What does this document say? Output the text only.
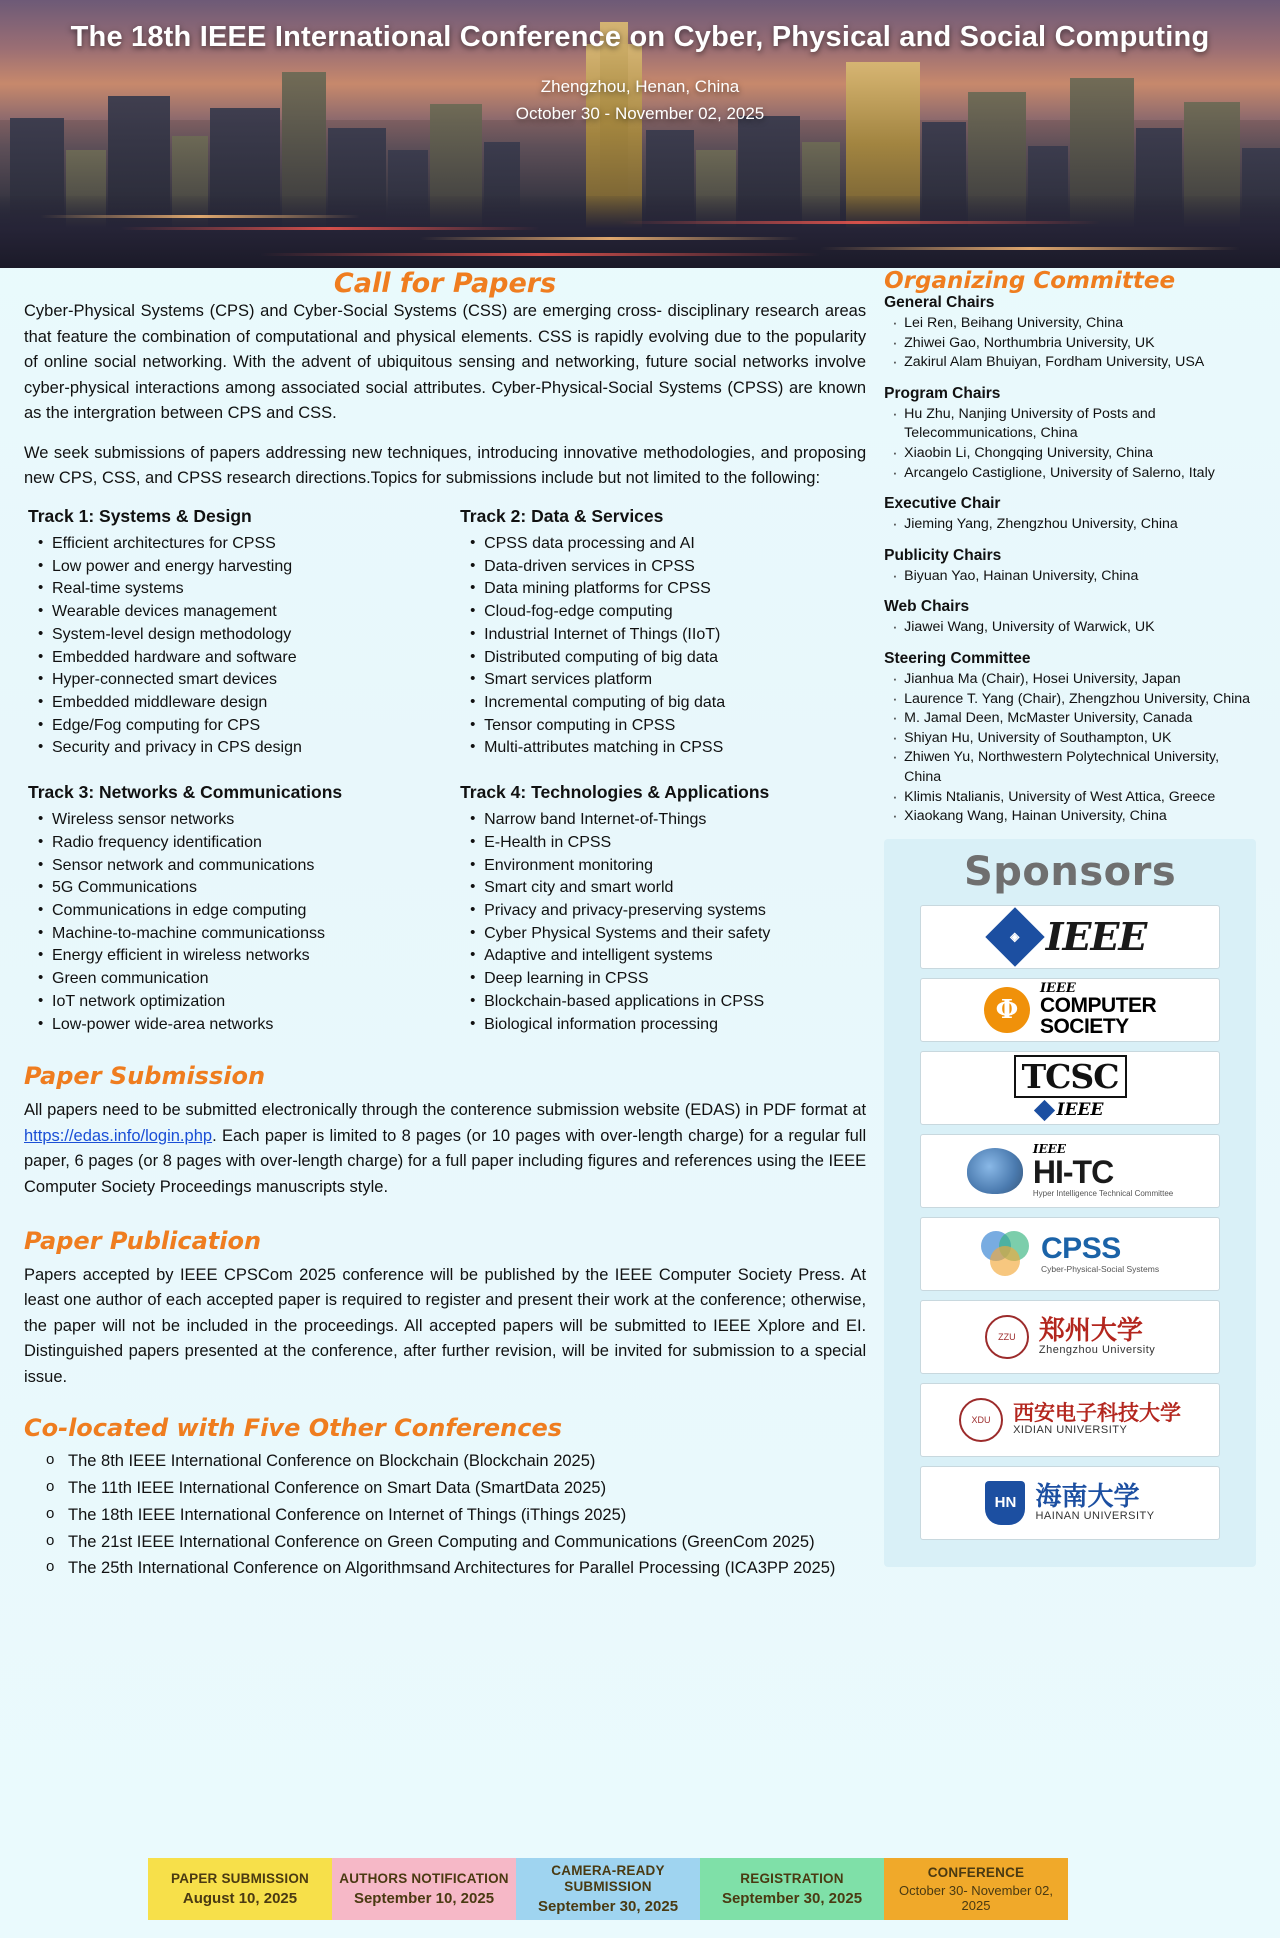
The 18th IEEE International Conference on Cyber, Physical and Social Computing
Zhengzhou, Henan, China
October 30 - November 02, 2025
Call for Papers

Cyber-Physical Systems (CPS) and Cyber-Social Systems (CSS) are emerging cross- disciplinary research areas that feature the combination of computational and physical elements. CSS is rapidly evolving due to the popularity of online social networking. With the advent of ubiquitous sensing and networking, future social networks involve cyber-physical interactions among associated social attributes. Cyber-Physical-Social Systems (CPSS) are known as the intergration between CPS and CSS.

We seek submissions of papers addressing new techniques, introducing innovative methodologies, and proposing new CPS, CSS, and CPSS research directions.Topics for submissions include but not limited to the following:

Track 1: Systems & Design
• Efficient architectures for CPSS
• Low power and energy harvesting
• Real-time systems
• Wearable devices management
• System-level design methodology
• Embedded hardware and software
• Hyper-connected smart devices
• Embedded middleware design
• Edge/Fog computing for CPS
• Security and privacy in CPS design
Track 2: Data & Services
• CPSS data processing and AI
• Data-driven services in CPSS
• Data mining platforms for CPSS
• Cloud-fog-edge computing
• Industrial Internet of Things (IIoT)
• Distributed computing of big data
• Smart services platform
• Incremental computing of big data
• Tensor computing in CPSS
• Multi-attributes matching in CPSS
Track 3: Networks & Communications
• Wireless sensor networks
• Radio frequency identification
• Sensor network and communications
• 5G Communications
• Communications in edge computing
• Machine-to-machine communicationss
• Energy efficient in wireless networks
• Green communication
• IoT network optimization
• Low-power wide-area networks
Track 4: Technologies & Applications
• Narrow band Internet-of-Things
• E-Health in CPSS
• Environment monitoring
• Smart city and smart world
• Privacy and privacy-preserving systems
• Cyber Physical Systems and their safety
• Adaptive and intelligent systems
• Deep learning in CPSS
• Blockchain-based applications in CPSS
• Biological information processing
Paper Submission

All papers need to be submitted electronically through the conterence submission website (EDAS) in PDF format at https://edas.info/login.php. Each paper is limited to 8 pages (or 10 pages with over-length charge) for a regular full paper, 6 pages (or 8 pages with over-length charge) for a full paper including figures and references using the IEEE Computer Society Proceedings manuscripts style.

Paper Publication

Papers accepted by IEEE CPSCom 2025 conference will be published by the IEEE Computer Society Press. At least one author of each accepted paper is required to register and present their work at the conference; otherwise, the paper will not be included in the proceedings. All accepted papers will be submitted to IEEE Xplore and EI. Distinguished papers presented at the conference, after further revision, will be invited for submission to a special issue.

Co-located with Five Other Conferences
o The 8th IEEE International Conference on Blockchain (Blockchain 2025)
o The 11th IEEE International Conference on Smart Data (SmartData 2025)
o The 18th IEEE International Conference on Internet of Things (iThings 2025)
o The 21st IEEE International Conference on Green Computing and Communications (GreenCom 2025)
o The 25th International Conference on Algorithmsand Architectures for Parallel Processing (ICA3PP 2025)
Organizing Committee
General Chairs
· Lei Ren, Beihang University, China
· Zhiwei Gao, Northumbria University, UK
· Zakirul Alam Bhuiyan, Fordham University, USA
Program Chairs
· Hu Zhu, Nanjing University of Posts and Telecommunications, China
· Xiaobin Li, Chongqing University, China
· Arcangelo Castiglione, University of Salerno, Italy
Executive Chair
· Jieming Yang, Zhengzhou University, China
Publicity Chairs
· Biyuan Yao, Hainan University, China
Web Chairs
· Jiawei Wang, University of Warwick, UK
Steering Committee
· Jianhua Ma (Chair), Hosei University, Japan
· Laurence T. Yang (Chair), Zhengzhou University, China
· M. Jamal Deen, McMaster University, Canada
· Shiyan Hu, University of Southampton, UK
· Zhiwen Yu, Northwestern Polytechnical University, China
· Klimis Ntalianis, University of West Attica, Greece
· Xiaokang Wang, Hainan University, China
Sponsors
◈ IEEE
Φ
IEEE
COMPUTER
SOCIETY
TCSC
IEEE
IEEE
HI-TC
Hyper Intelligence Technical Committee
CPSS
Cyber-Physical-Social Systems
ZZU 郑州大学
Zhengzhou University
XDU	西安电子科技大学
XIDIAN UNIVERSITY
HN 海南大学
HAINAN UNIVERSITY
PAPER SUBMISSION
August 10, 2025
AUTHORS NOTIFICATION
September 10, 2025
CAMERA-READY SUBMISSION
September 30, 2025
REGISTRATION
September 30, 2025
CONFERENCE
October 30- November 02, 2025
